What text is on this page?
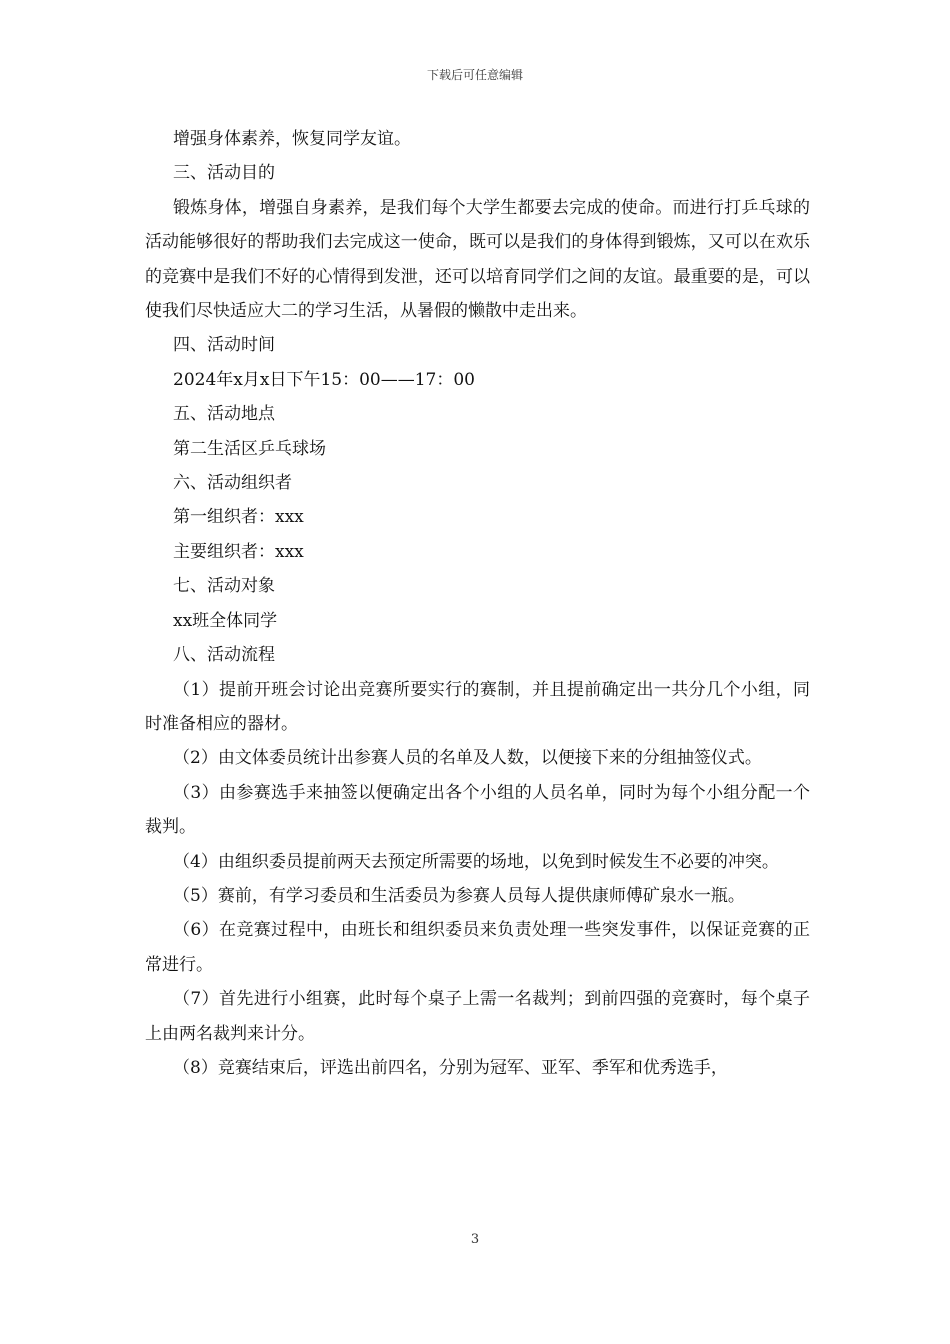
下载后可任意编辑

增强身体素养，恢复同学友谊。

三、活动目的

锻炼身体，增强自身素养，是我们每个大学生都要去完成的使命。而进行打乒乓球的活动能够很好的帮助我们去完成这一使命，既可以是我们的身体得到锻炼，又可以在欢乐的竞赛中是我们不好的心情得到发泄，还可以培育同学们之间的友谊。最重要的是，可以使我们尽快适应大二的学习生活，从暑假的懒散中走出来。

四、活动时间

2024年x月x日下午15：00——17：00

五、活动地点

第二生活区乒乓球场

六、活动组织者

第一组织者：xxx

主要组织者：xxx

七、活动对象

xx班全体同学

八、活动流程

（1）提前开班会讨论出竞赛所要实行的赛制，并且提前确定出一共分几个小组，同时准备相应的器材。

（2）由文体委员统计出参赛人员的名单及人数，以便接下来的分组抽签仪式。

（3）由参赛选手来抽签以便确定出各个小组的人员名单，同时为每个小组分配一个裁判。

（4）由组织委员提前两天去预定所需要的场地，以免到时候发生不必要的冲突。

（5）赛前，有学习委员和生活委员为参赛人员每人提供康师傅矿泉水一瓶。

（6）在竞赛过程中，由班长和组织委员来负责处理一些突发事件，以保证竞赛的正常进行。

（7）首先进行小组赛，此时每个桌子上需一名裁判；到前四强的竞赛时，每个桌子上由两名裁判来计分。

（8）竞赛结束后，评选出前四名，分别为冠军、亚军、季军和优秀选手，

3
